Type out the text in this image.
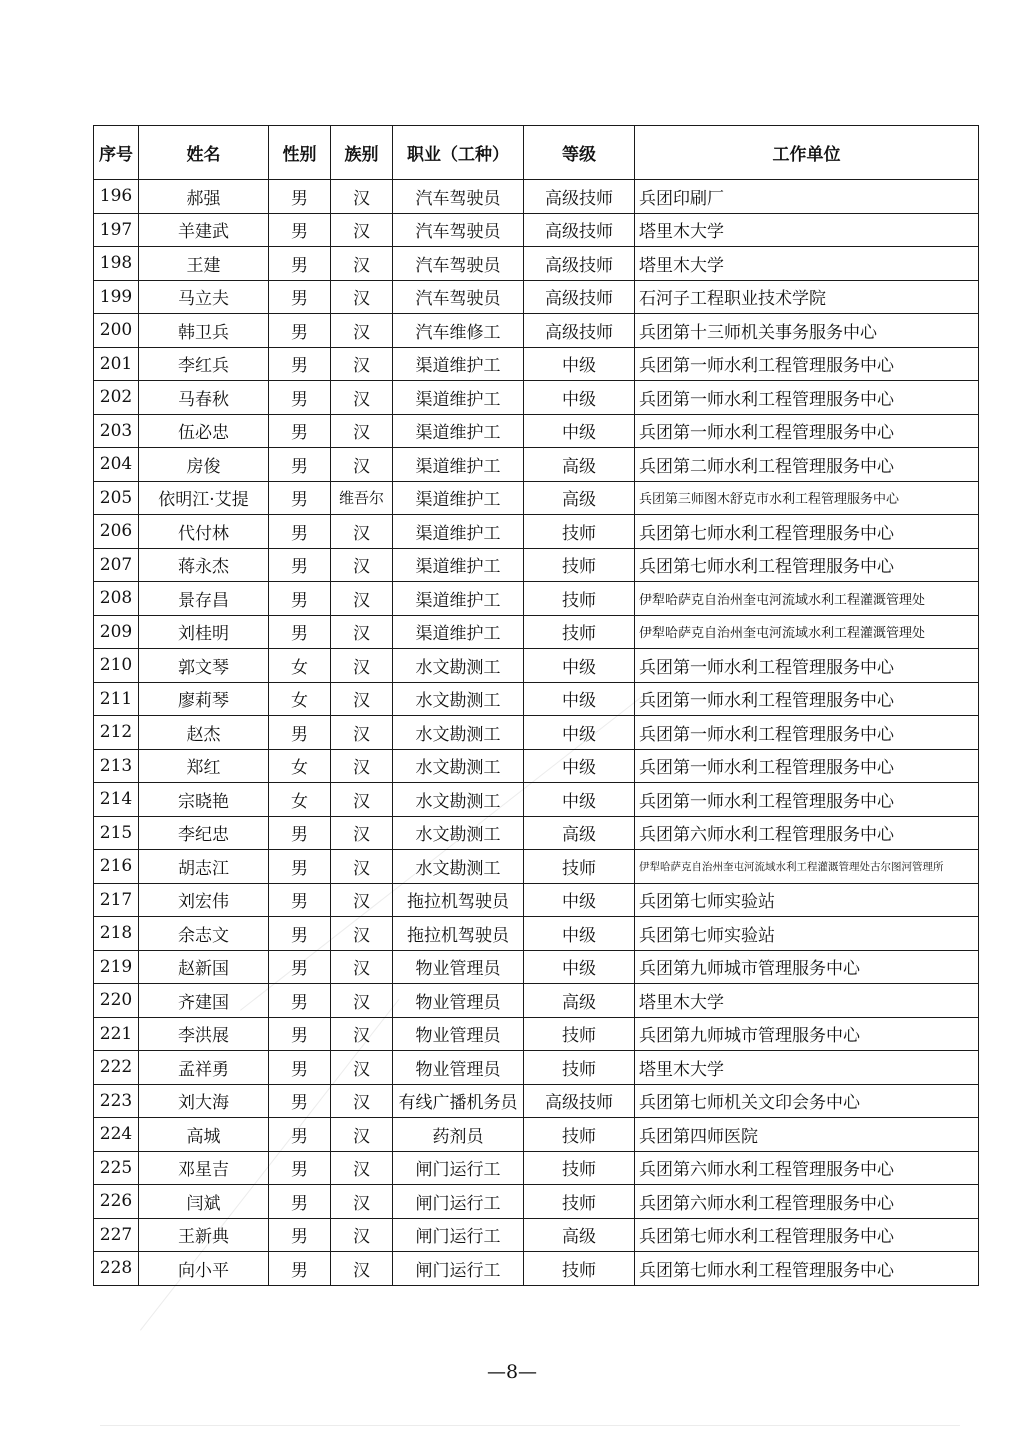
序号	姓名	性别	族别	职业（工种）	等级	工作单位
196	郝强	男	汉	汽车驾驶员	高级技师	兵团印刷厂
197	羊建武	男	汉	汽车驾驶员	高级技师	塔里木大学
198	王建	男	汉	汽车驾驶员	高级技师	塔里木大学
199	马立夫	男	汉	汽车驾驶员	高级技师	石河子工程职业技术学院
200	韩卫兵	男	汉	汽车维修工	高级技师	兵团第十三师机关事务服务中心
201	李红兵	男	汉	渠道维护工	中级	兵团第一师水利工程管理服务中心
202	马春秋	男	汉	渠道维护工	中级	兵团第一师水利工程管理服务中心
203	伍必忠	男	汉	渠道维护工	中级	兵团第一师水利工程管理服务中心
204	房俊	男	汉	渠道维护工	高级	兵团第二师水利工程管理服务中心
205	依明江·艾提	男	维吾尔	渠道维护工	高级	兵团第三师图木舒克市水利工程管理服务中心
206	代付林	男	汉	渠道维护工	技师	兵团第七师水利工程管理服务中心
207	蒋永杰	男	汉	渠道维护工	技师	兵团第七师水利工程管理服务中心
208	景存昌	男	汉	渠道维护工	技师	伊犁哈萨克自治州奎屯河流域水利工程灌溉管理处
209	刘桂明	男	汉	渠道维护工	技师	伊犁哈萨克自治州奎屯河流域水利工程灌溉管理处
210	郭文琴	女	汉	水文勘测工	中级	兵团第一师水利工程管理服务中心
211	廖莉琴	女	汉	水文勘测工	中级	兵团第一师水利工程管理服务中心
212	赵杰	男	汉	水文勘测工	中级	兵团第一师水利工程管理服务中心
213	郑红	女	汉	水文勘测工	中级	兵团第一师水利工程管理服务中心
214	宗晓艳	女	汉	水文勘测工	中级	兵团第一师水利工程管理服务中心
215	李纪忠	男	汉	水文勘测工	高级	兵团第六师水利工程管理服务中心
216	胡志江	男	汉	水文勘测工	技师	伊犁哈萨克自治州奎屯河流域水利工程灌溉管理处古尔图河管理所
217	刘宏伟	男	汉	拖拉机驾驶员	中级	兵团第七师实验站
218	余志文	男	汉	拖拉机驾驶员	中级	兵团第七师实验站
219	赵新国	男	汉	物业管理员	中级	兵团第九师城市管理服务中心
220	齐建国	男	汉	物业管理员	高级	塔里木大学
221	李洪展	男	汉	物业管理员	技师	兵团第九师城市管理服务中心
222	孟祥勇	男	汉	物业管理员	技师	塔里木大学
223	刘大海	男	汉	有线广播机务员	高级技师	兵团第七师机关文印会务中心
224	高城	男	汉	药剂员	技师	兵团第四师医院
225	邓星吉	男	汉	闸门运行工	技师	兵团第六师水利工程管理服务中心
226	闫斌	男	汉	闸门运行工	技师	兵团第六师水利工程管理服务中心
227	王新典	男	汉	闸门运行工	高级	兵团第七师水利工程管理服务中心
228	向小平	男	汉	闸门运行工	技师	兵团第七师水利工程管理服务中心
—8—
